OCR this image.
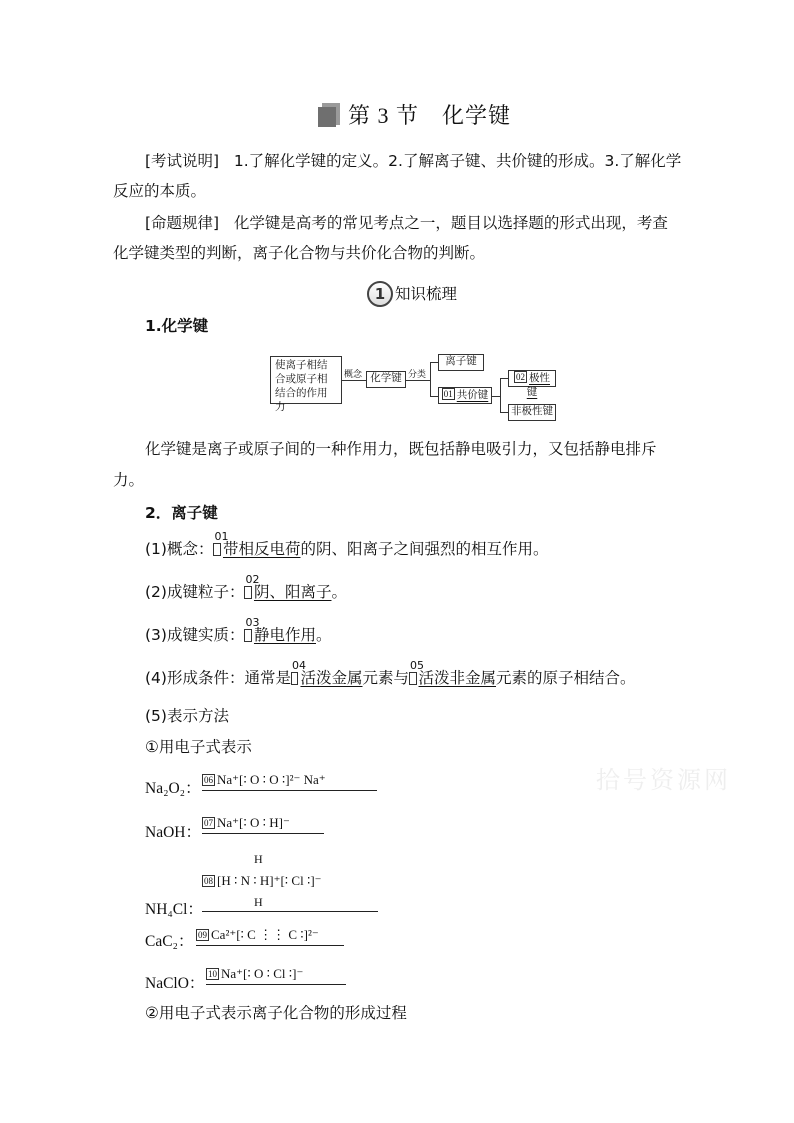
第 3 节　化学键
[考试说明] 1.了解化学键的定义。2.了解离子键、共价键的形成。3.了解化学
反应的本质。
[命题规律] 化学键是高考的常见考点之一，题目以选择题的形式出现，考查
化学键类型的判断，离子化合物与共价化合物的判断。
1 知识梳理
1.化学键
使离子相结合或原子相结合的作用力
概念 化学键 分类
离子键
01 共价键
02 极性键
非极性键
化学键是离子或原子间的一种作用力，既包括静电吸引力，又包括静电排斥
力。
2．离子键
(1)概念：
01
带相反电荷的阴、阳离子之间强烈的相互作用。
(2)成键粒子：
02
阴、阳离子。
(3)成键实质：
03
静电作用。
(4)形成条件：通常是
04
活泼金属元素与
05
活泼非金属元素的原子相结合。
(5)表示方法
①用电子式表示
拾号资源网
Na₂O₂： 06 Na⁺[∶ O ∶ O ∶]²⁻ Na⁺
NaOH：
07 Na⁺[∶ O ∶ H]⁻
H
NH₄Cl：
08 [H ∶ N ∶ H]⁺[∶ Cl ∶]⁻
H
CaC₂： 09 Ca²⁺[∶ C ⋮⋮ C ∶]²⁻
NaClO：
10 Na⁺[∶ O ∶ Cl ∶]⁻
②用电子式表示离子化合物的形成过程
